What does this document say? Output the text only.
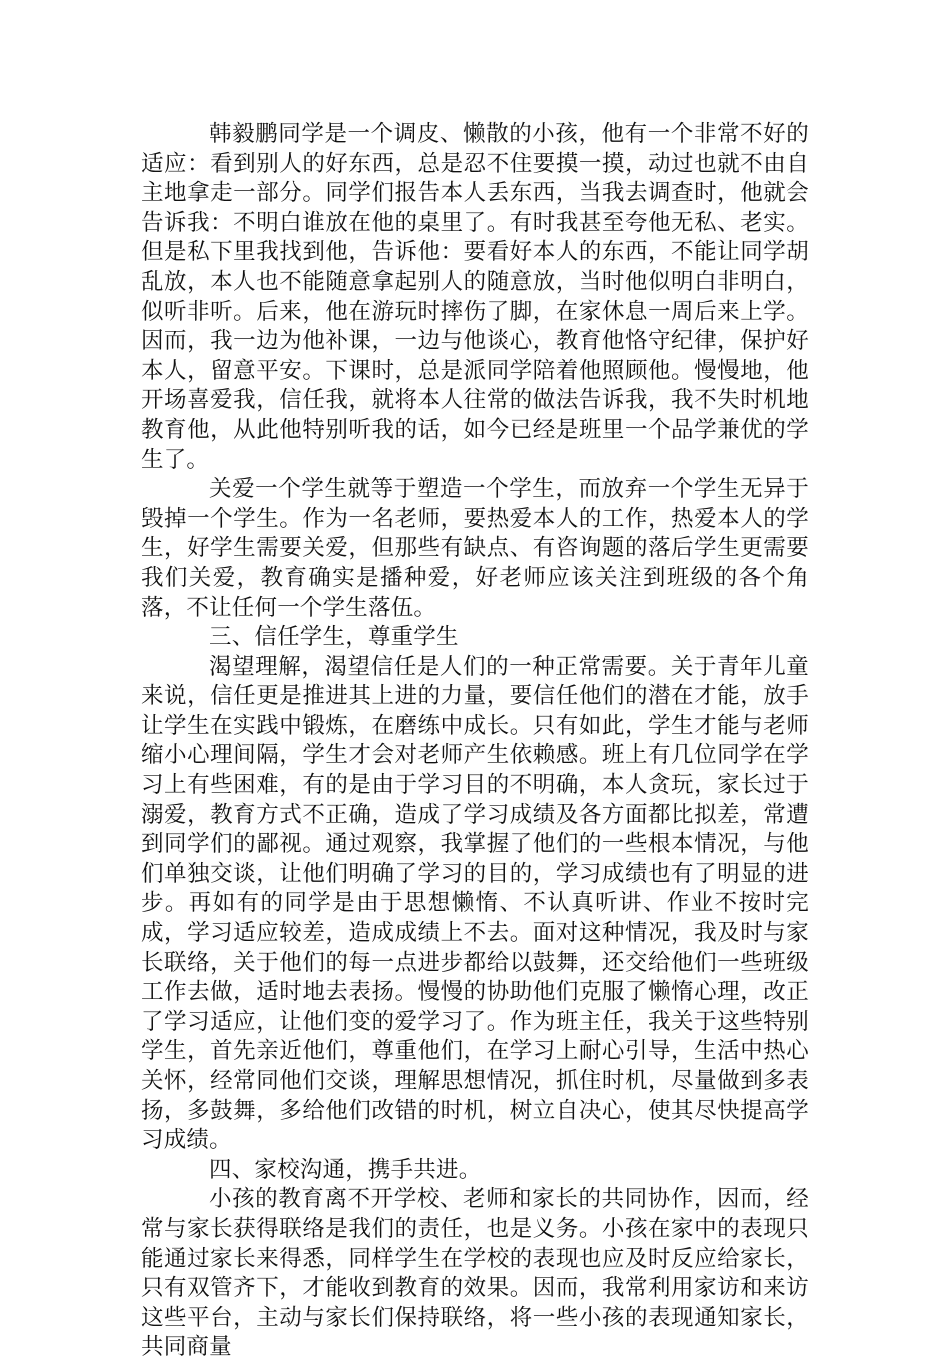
韩毅鹏同学是一个调皮、懒散的小孩，他有一个非常不好的适应：看到别人的好东西，总是忍不住要摸一摸，动过也就不由自主地拿走一部分。同学们报告本人丢东西，当我去调查时，他就会告诉我：不明白谁放在他的桌里了。有时我甚至夸他无私、老实。但是私下里我找到他，告诉他：要看好本人的东西，不能让同学胡乱放，本人也不能随意拿起别人的随意放，当时他似明白非明白，似听非听。后来，他在游玩时摔伤了脚，在家休息一周后来上学。因而，我一边为他补课，一边与他谈心，教育他恪守纪律，保护好本人，留意平安。下课时，总是派同学陪着他照顾他。慢慢地，他开场喜爱我，信任我，就将本人往常的做法告诉我，我不失时机地教育他，从此他特别听我的话，如今已经是班里一个品学兼优的学生了。

关爱一个学生就等于塑造一个学生，而放弃一个学生无异于毁掉一个学生。作为一名老师，要热爱本人的工作，热爱本人的学生，好学生需要关爱，但那些有缺点、有咨询题的落后学生更需要我们关爱，教育确实是播种爱，好老师应该关注到班级的各个角落，不让任何一个学生落伍。

三、信任学生，尊重学生

渴望理解，渴望信任是人们的一种正常需要。关于青年儿童来说，信任更是推进其上进的力量，要信任他们的潜在才能，放手让学生在实践中锻炼，在磨练中成长。只有如此，学生才能与老师缩小心理间隔，学生才会对老师产生依赖感。班上有几位同学在学习上有些困难，有的是由于学习目的不明确，本人贪玩，家长过于溺爱，教育方式不正确，造成了学习成绩及各方面都比拟差，常遭到同学们的鄙视。通过观察，我掌握了他们的一些根本情况，与他们单独交谈，让他们明确了学习的目的，学习成绩也有了明显的进步。再如有的同学是由于思想懒惰、不认真听讲、作业不按时完成，学习适应较差，造成成绩上不去。面对这种情况，我及时与家长联络，关于他们的每一点进步都给以鼓舞，还交给他们一些班级工作去做，适时地去表扬。慢慢的协助他们克服了懒惰心理，改正了学习适应，让他们变的爱学习了。作为班主任，我关于这些特别学生，首先亲近他们，尊重他们，在学习上耐心引导，生活中热心关怀，经常同他们交谈，理解思想情况，抓住时机，尽量做到多表扬，多鼓舞，多给他们改错的时机，树立自决心，使其尽快提高学习成绩。

四、家校沟通，携手共进。

小孩的教育离不开学校、老师和家长的共同协作，因而，经常与家长获得联络是我们的责任，也是义务。小孩在家中的表现只能通过家长来得悉，同样学生在学校的表现也应及时反应给家长，只有双管齐下，才能收到教育的效果。因而，我常利用家访和来访这些平台，主动与家长们保持联络，将一些小孩的表现通知家长，共同商量
